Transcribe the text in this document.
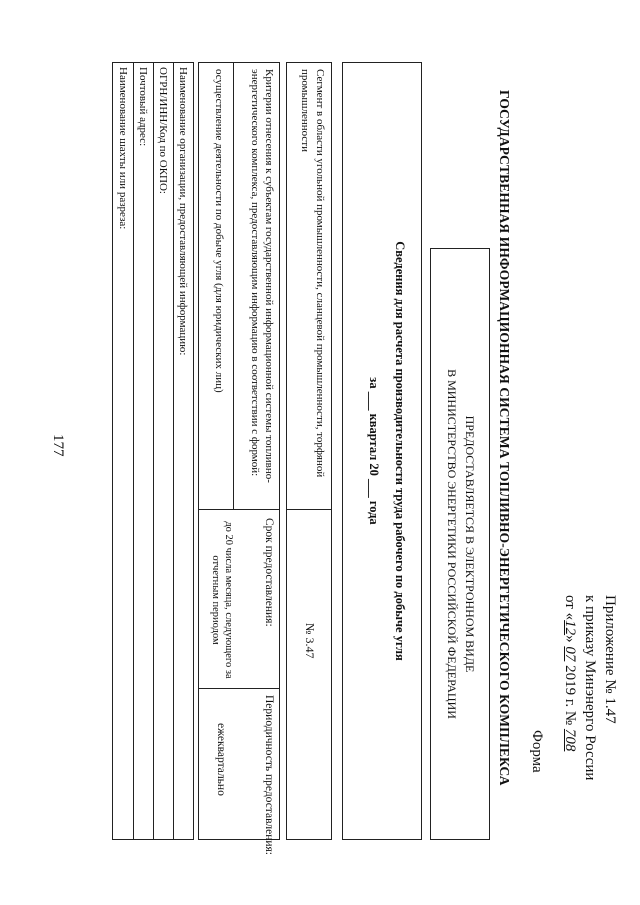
177
Приложение № 1.47
к приказу Минэнерго России
от «12» 07 2019 г. № 708
Форма
ГОСУДАРСТВЕННАЯ ИНФОРМАЦИОННАЯ СИСТЕМА ТОПЛИВНО-ЭНЕРГЕТИЧЕСКОГО КОМПЛЕКСА
ПРЕДОСТАВЛЯЕТСЯ В ЭЛЕКТРОННОМ ВИДЕ
В МИНИСТЕРСТВО ЭНЕРГЕТИКИ РОССИЙСКОЙ ФЕДЕРАЦИИ
Сведения для расчета производительности труда рабочего по добыче угля
за ___ квартал 20 ___ года
Сегмент в области угольной промышленности, сланцевой промышленности, торфяной промышленности
№ 3.47
Критерии отнесения к субъектам государственной информационной системы топливно-энергетического комплекса, предоставляющим информацию в соответствии с формой:
осуществление деятельности по добыче угля (для юридических лиц)
Срок предоставления:
до 20 числа месяца, следующего за отчетным периодом
Периодичность предоставления:
ежеквартально
Наименование организации, предоставляющей информацию:
ОГРН/ИНН/Код по ОКПО:
Почтовый адрес:
Наименование шахты или разреза:
